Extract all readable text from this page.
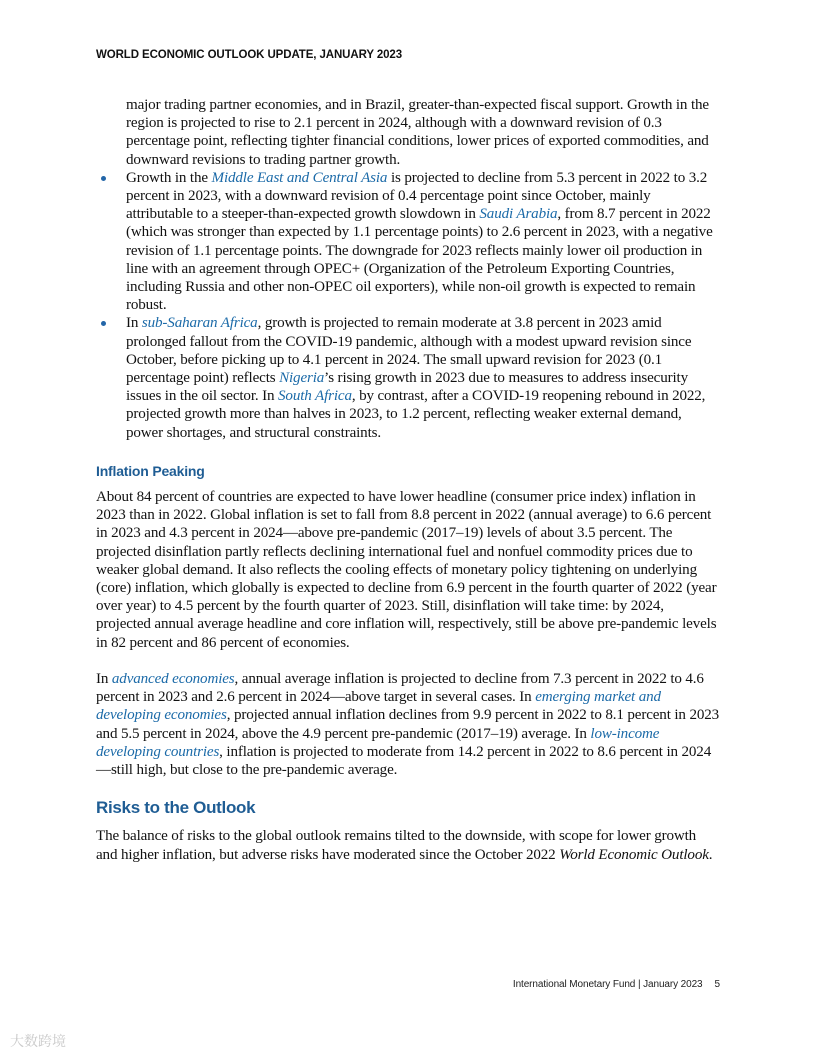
WORLD ECONOMIC OUTLOOK UPDATE, JANUARY 2023
major trading partner economies, and in Brazil, greater-than-expected fiscal support. Growth in the region is projected to rise to 2.1 percent in 2024, although with a downward revision of 0.3 percentage point, reflecting tighter financial conditions, lower prices of exported commodities, and downward revisions to trading partner growth.
Growth in the Middle East and Central Asia is projected to decline from 5.3 percent in 2022 to 3.2 percent in 2023, with a downward revision of 0.4 percentage point since October, mainly attributable to a steeper-than-expected growth slowdown in Saudi Arabia, from 8.7 percent in 2022 (which was stronger than expected by 1.1 percentage points) to 2.6 percent in 2023, with a negative revision of 1.1 percentage points. The downgrade for 2023 reflects mainly lower oil production in line with an agreement through OPEC+ (Organization of the Petroleum Exporting Countries, including Russia and other non-OPEC oil exporters), while non-oil growth is expected to remain robust.
In sub-Saharan Africa, growth is projected to remain moderate at 3.8 percent in 2023 amid prolonged fallout from the COVID-19 pandemic, although with a modest upward revision since October, before picking up to 4.1 percent in 2024. The small upward revision for 2023 (0.1 percentage point) reflects Nigeria’s rising growth in 2023 due to measures to address insecurity issues in the oil sector. In South Africa, by contrast, after a COVID-19 reopening rebound in 2022, projected growth more than halves in 2023, to 1.2 percent, reflecting weaker external demand, power shortages, and structural constraints.
Inflation Peaking

About 84 percent of countries are expected to have lower headline (consumer price index) inflation in 2023 than in 2022. Global inflation is set to fall from 8.8 percent in 2022 (annual average) to 6.6 percent in 2023 and 4.3 percent in 2024—above pre-pandemic (2017–19) levels of about 3.5 percent. The projected disinflation partly reflects declining international fuel and nonfuel commodity prices due to weaker global demand. It also reflects the cooling effects of monetary policy tightening on underlying (core) inflation, which globally is expected to decline from 6.9 percent in the fourth quarter of 2022 (year over year) to 4.5 percent by the fourth quarter of 2023. Still, disinflation will take time: by 2024, projected annual average headline and core inflation will, respectively, still be above pre-pandemic levels in 82 percent and 86 percent of economies.

In advanced economies, annual average inflation is projected to decline from 7.3 percent in 2022 to 4.6 percent in 2023 and 2.6 percent in 2024—above target in several cases. In emerging market and developing economies, projected annual inflation declines from 9.9 percent in 2022 to 8.1 percent in 2023 and 5.5 percent in 2024, above the 4.9 percent pre-pandemic (2017–19) average. In low-income developing countries, inflation is projected to moderate from 14.2 percent in 2022 to 8.6 percent in 2024—still high, but close to the pre-pandemic average.

Risks to the Outlook

The balance of risks to the global outlook remains tilted to the downside, with scope for lower growth and higher inflation, but adverse risks have moderated since the October 2022 World Economic Outlook.

International Monetary Fund | January 2023 5
大数跨境
